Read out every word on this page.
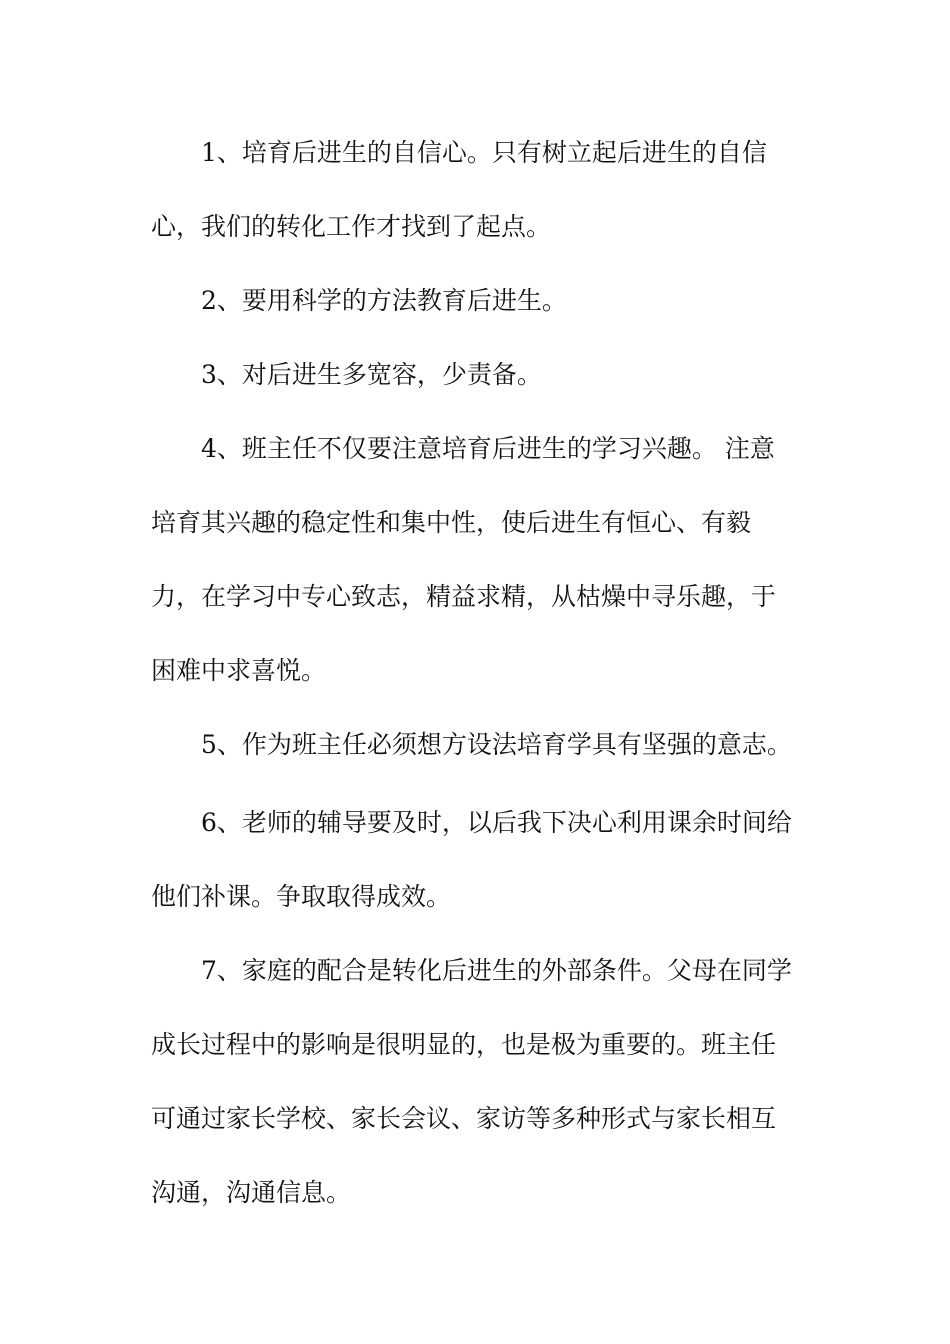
1、培育后进生的自信心。只有树立起后进生的自信
心，我们的转化工作才找到了起点。
2、要用科学的方法教育后进生。
3、对后进生多宽容，少责备。
4、班主任不仅要注意培育后进生的学习兴趣。 注意
培育其兴趣的稳定性和集中性，使后进生有恒心、有毅
力，在学习中专心致志，精益求精，从枯燥中寻乐趣，于
困难中求喜悦。
5、作为班主任必须想方设法培育学具有坚强的意志。
6、老师的辅导要及时，以后我下决心利用课余时间给
他们补课。争取取得成效。
7、家庭的配合是转化后进生的外部条件。父母在同学
成长过程中的影响是很明显的，也是极为重要的。班主任
可通过家长学校、家长会议、家访等多种形式与家长相互
沟通，沟通信息。
